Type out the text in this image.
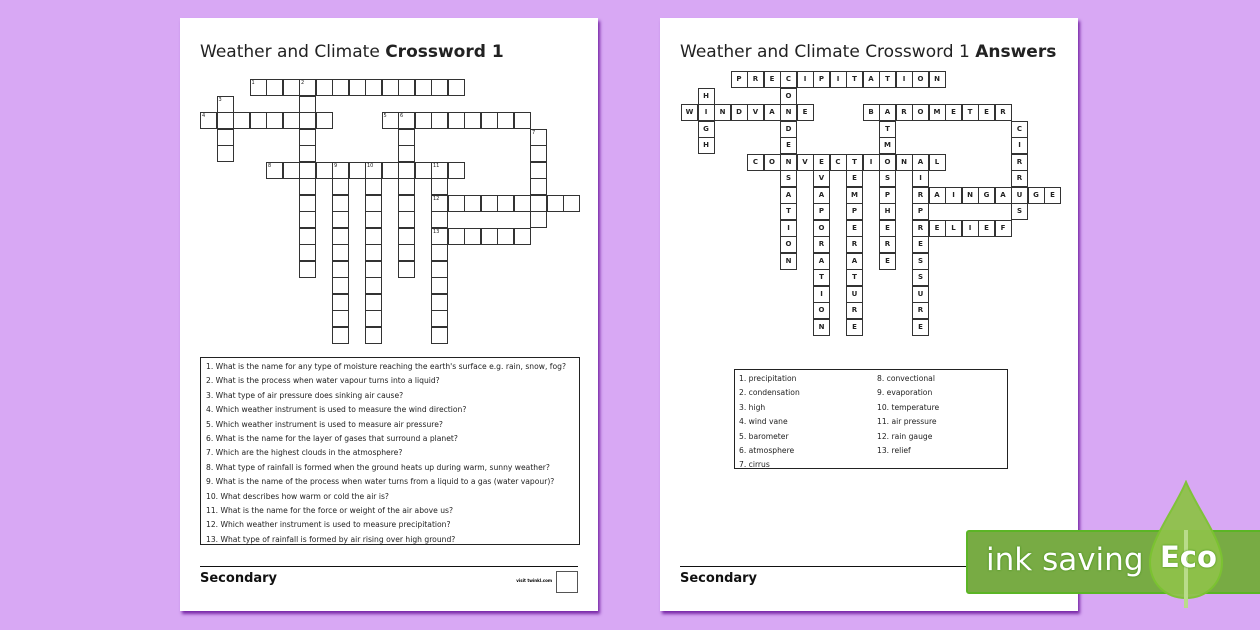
Weather and Climate Crossword 1
1	2
3
4	5	6
7
8	9	10	11
12
13
1. What is the name for any type of moisture reaching the earth's surface e.g. rain, snow, fog?
2. What is the process when water vapour turns into a liquid?
3. What type of air pressure does sinking air cause?
4. Which weather instrument is used to measure the wind direction?
5. Which weather instrument is used to measure air pressure?
6. What is the name for the layer of gases that surround a planet?
7. Which are the highest clouds in the atmosphere?
8. What type of rainfall is formed when the ground heats up during warm, sunny weather?
9. What is the name of the process when water turns from a liquid to a gas (water vapour)?
10. What describes how warm or cold the air is?
11. What is the name for the force or weight of the air above us?
12. Which weather instrument is used to measure precipitation?
13. What type of rainfall is formed by air rising over high ground?
Secondary	visit twinkl.com
Weather and Climate Crossword 1 Answers
P	R	E	C	I	P	I	T	A	T	I	O	N
O
N
D
E
N
S
A
T
I
O
N
H
I
G
H
W	N	D	V	A	E	B	A	R	O	M	E	T	E	R
T
M
O
S
P
H
E
R
E
C
I
R
R
U
S
C	O	V	E	C	T	I	N	A	L
V
A
P
O
R
A
T
I
O
N
E
M
P
E
R
A
T
U
R
E
I
R
P
R
E
S
S
U
R
E
A	I	N	G	A	G	E
E	L	I	E	F
1. precipitation
2. condensation
3. high
4. wind vane
5. barometer
6. atmosphere
7. cirrus
8. convectional
9. evaporation
10. temperature
11. air pressure
12. rain gauge
13. relief
Secondary
ink saving Eco
